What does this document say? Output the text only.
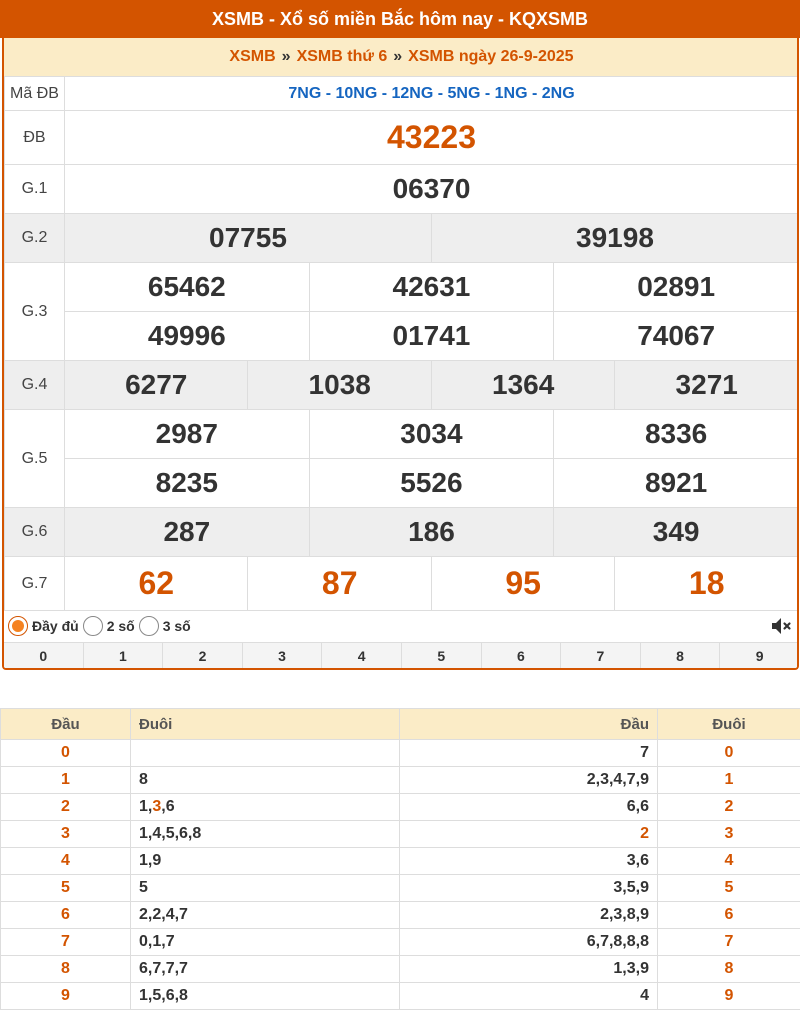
XSMB - Xổ số miền Bắc hôm nay - KQXSMB
XSMB » XSMB thứ 6 » XSMB ngày 26-9-2025
Mã ĐB	7NG - 10NG - 12NG - 5NG - 1NG - 2NG					
ĐB	43223					
G.1	06370					
G.2	07755			39198		
G.3	65462		42631		02891	
	49996		01741		74067	
G.4	6277	1038		1364		3271
G.5	2987		3034		8336	
	8235		5526		8921	
G.6	287		186		349	
G.7	62	87		95		18
Đầy đủ 2 số 3 số
0	1	2	3	4	5	6	7	8	9
Đầu	Đuôi	Đầu	Đuôi
0		7	0
1	8	2,3,4,7,9	1
2	1,3,6	6,6	2
3	1,4,5,6,8	2	3
4	1,9	3,6	4
5	5	3,5,9	5
6	2,2,4,7	2,3,8,9	6
7	0,1,7	6,7,8,8,8	7
8	6,7,7,7	1,3,9	8
9	1,5,6,8	4	9
